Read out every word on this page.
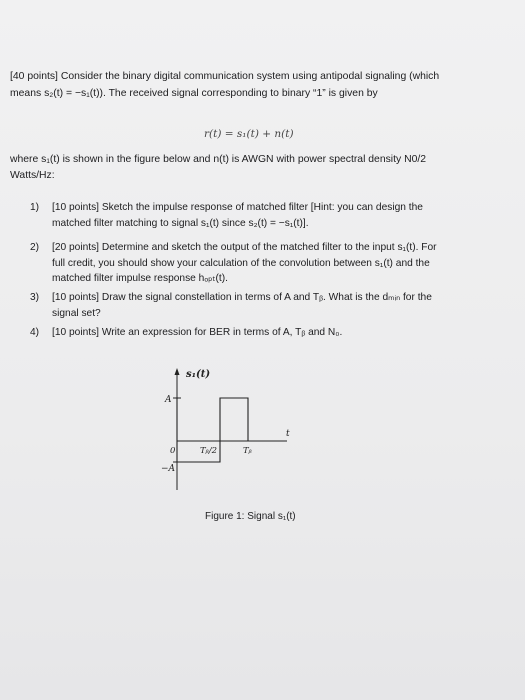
[40 points] Consider the binary digital communication system using antipodal signaling (which
means s₂(t) = −s₁(t)). The received signal corresponding to binary “1” is given by
r(t) = s₁(t) + n(t)
where s₁(t) is shown in the figure below and n(t) is AWGN with power spectral density N0/2
Watts/Hz:
1) [10 points] Sketch the impulse response of matched filter [Hint: you can design the
matched filter matching to signal s₁(t) since s₂(t) = −s₁(t)].
2) [20 points] Determine and sketch the output of the matched filter to the input s₁(t). For
full credit, you should show your calculation of the convolution between s₁(t) and the
matched filter impulse response hₒₚₜ(t).
3) [10 points] Draw the signal constellation in terms of A and Tᵦ. What is the dₘᵢₙ for the
signal set?
4) [10 points] Write an expression for BER in terms of A, Tᵦ and N₀.
s₁(t)
A
−A
0	Tᵦ/2	Tᵦ
t
Figure 1: Signal s₁(t)
